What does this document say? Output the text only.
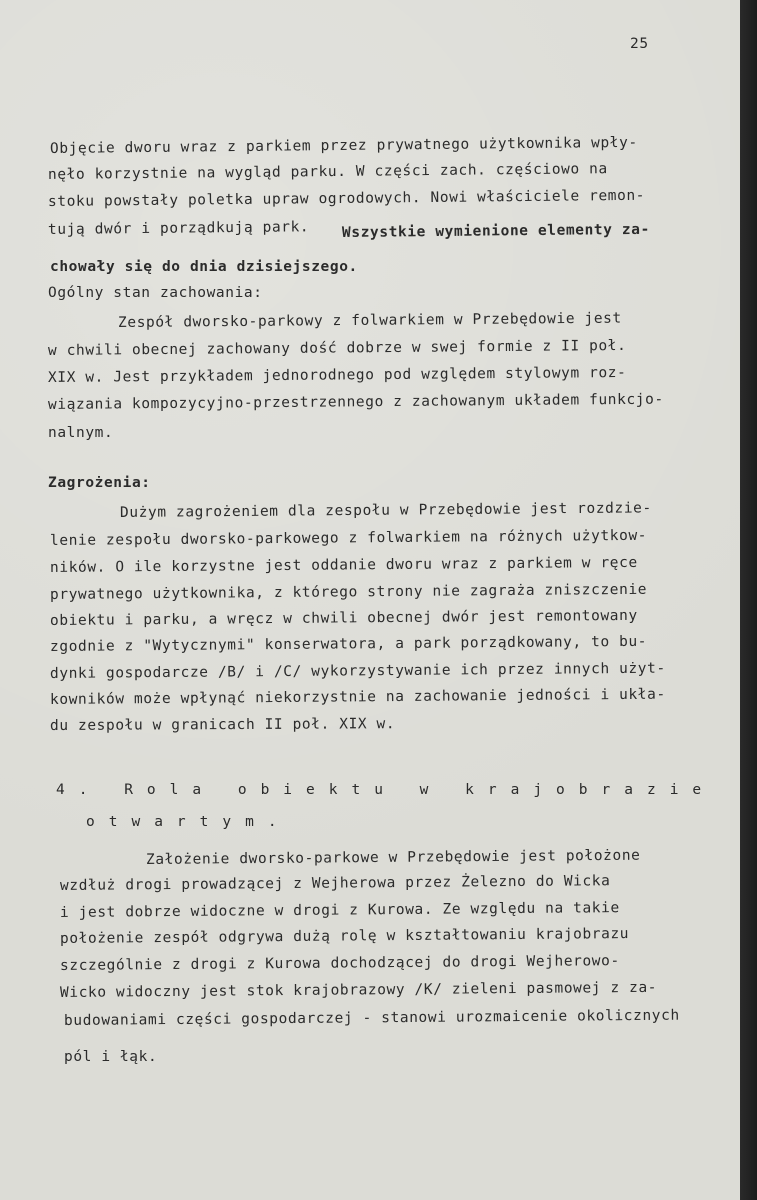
25
Objęcie dworu wraz z parkiem przez prywatnego użytkownika wpły-
nęło korzystnie na wygląd parku. W części zach. częściowo na
stoku powstały poletka upraw ogrodowych. Nowi właściciele remon-
tują dwór i porządkują park. Wszystkie wymienione elementy za-
chowały się do dnia dzisiejszego.
Ogólny stan zachowania:
Zespół dworsko-parkowy z folwarkiem w Przebędowie jest
w chwili obecnej zachowany dość dobrze w swej formie z II poł.
XIX w. Jest przykładem jednorodnego pod względem stylowym roz-
wiązania kompozycyjno-przestrzennego z zachowanym układem funkcjo-
nalnym.
Zagrożenia:
Dużym zagrożeniem dla zespołu w Przebędowie jest rozdzie-
lenie zespołu dworsko-parkowego z folwarkiem na różnych użytkow-
ników. O ile korzystne jest oddanie dworu wraz z parkiem w ręce
prywatnego użytkownika, z którego strony nie zagraża zniszczenie
obiektu i parku, a wręcz w chwili obecnej dwór jest remontowany
zgodnie z "Wytycznymi" konserwatora, a park porządkowany, to bu-
dynki gospodarcze /B/ i /C/ wykorzystywanie ich przez innych użyt-
kowników może wpłynąć niekorzystnie na zachowanie jedności i ukła-
du zespołu w granicach II poł. XIX w.
4. Rola obiektu w krajobrazie
otwartym.
Założenie dworsko-parkowe w Przebędowie jest położone
wzdłuż drogi prowadzącej z Wejherowa przez Żelezno do Wicka
i jest dobrze widoczne w drogi z Kurowa. Ze względu na takie
położenie zespół odgrywa dużą rolę w kształtowaniu krajobrazu
szczególnie z drogi z Kurowa dochodzącej do drogi Wejherowo-
Wicko widoczny jest stok krajobrazowy /K/ zieleni pasmowej z za-
budowaniami części gospodarczej - stanowi urozmaicenie okolicznych
pól i łąk.
